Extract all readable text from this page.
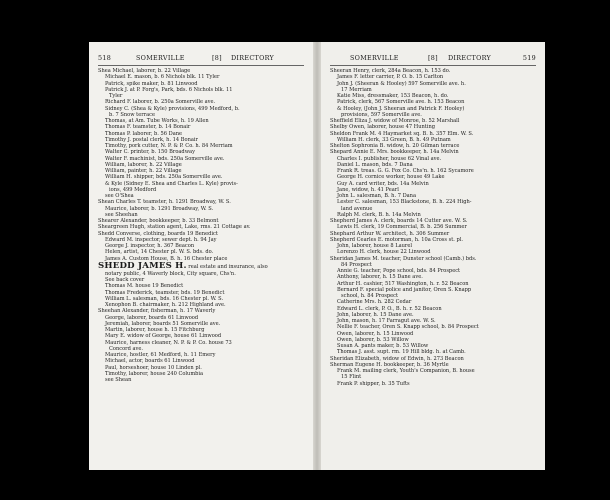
518	SOMERVILLE	[8] DIRECTORY
Shea Michael, laborer, b. 22 Village
Michael E. mason, b. 6 Nichols blk. 11 Tyler
Patrick, spike maker, b. 81 Linwood
Patrick J. at P. Forg's, Park, bds. 6 Nichols blk. 11
Tyler
Richard F. laborer, b. 250a Somerville ave.
Sidney C. (Shea & Kyle) provisions, 499 Medford, b.
b. 7 Snow terrace
Thomas, at Am. Tube Works, h. 19 Allen
Thomas F. teamster, b. 14 Bonair
Thomas P. laborer, b. 56 Dane
Timothy J. postal clerk, h. 14 Bonair
Timothy, pork cutter, N. P. & P. Co. h. 84 Merriam
Walter C. printer, b. 150 Broadway
Walter F. machinist, bds. 250a Somerville ave.
William, laborer, h. 22 Village
William, painter, h. 22 Village
William H. shipper, bds. 250a Somerville ave.
& Kyle (Sidney E. Shea and Charles L. Kyle) provis-
ions, 499 Medford
see O'Shea
Shean Charles T. teamster, h. 1291 Broadway, W. S.
Maurice, laborer, b. 1291 Broadway, W. S.
see Sheehan
Shearer Alexander, bookkeeper, b. 33 Belmont
Sheargreen Hugh, station agent, Lake, rms. 21 Cottage av.
Shedd Converse, clothing, boards 19 Benedict
Edward M. inspector, sewer dept. h. 94 Jay
George J. inspector, h. 367 Beacon
Helen, artist, 14 Chester pl. W. S. bds. do.
James A. Custom House, B. h. 16 Chester place
SHEDD JAMES H. real estate and insurance, also
notary public, 4 Waverly block, City square, Chs'n.
See back cover
Thomas M. house 19 Benedict
Thomas Frederick, teamster, bds. 19 Benedict
William L. salesman, bds. 16 Chester pl. W. S.
Xenophon B. chairmaker, h. 212 Highland ave.
Sheehan Alexander, fisherman, h. 17 Waverly
George, laborer, boards 61 Linwood
Jeremiah, laborer, boards 51 Somerville ave.
Martin, laborer, house h. 15 Fitchburg
Mary E. widow of George, house 61 Linwood
Maurice, harness cleaner, N. P. & P. Co. house 73
Concord ave.
Maurice, hostler, 61 Medford, h. 11 Emery
Michael, actor, boards 61 Linwood
Paul, horseshoer, house 10 Linden pl.
Timothy, laborer, house 240 Columbia
see Shean
SOMERVILLE	[8] DIRECTORY	519
Sheeran Henry, clerk, 284a Beacon, h. 153 do.
James F. letter carrier, P. O. b. 15 Carlton
John J. (Sheeran & Hooley) 597 Somerville ave. h.
17 Merriam
Katie Miss, dressmaker, 153 Beacon, h. do.
Patrick, clerk, 567 Somerville ave. h. 153 Beacon
& Hooley, (John J. Sheeran and Patrick F. Hooley)
provisions, 597 Somerville ave.
Sheffield Eliza J. widow of Monroe, b. 52 Marshall
Shelby Owen, laborer, house 47 Hunting
Sheldon Frank M. 4 Haymarket sq. B. h. 357 Elm. W. S.
William H. clerk, 33 Green, B. h. 49 Putnam
Shelton Sophronia B. widow, h. 20 Gilman terrace
Shepard Annie E. Mrs. bookkeeper, h. 14a Melvin
Charles I. publisher, house 62 Vinal ave.
Daniel L. mason, bds. 7 Dana
Frank R. treas. G. G. Fox Co. Chs'n. h. 162 Sycamore
George H. cornice worker, house 49 Lake
Guy A. card writer, bds. 14a Melvin
Jane, widow, h. 41 Pearl
John L. salesman, B. h. 7 Dana
Lester C. salesman, 153 Blackstone, B. h. 224 High-
land avenue
Ralph M. clerk, B. h. 14a Melvin
Shepherd James A. clerk, boards 14 Cutter ave. W. S.
Lewis H. clerk, 19 Commercial, B. b. 256 Summer
Shephard Arthur W. architect, h. 306 Summer
Shepherd Cearles E. motorman, h. 10a Cross st. pl.
John, laborer, house 8 Laurel
Lorenzo H. clerk, house 22 Linwood
Sheridan James M. teacher, Dunster school (Camb.) bds.
84 Prospect
Annie G. teacher, Pope school, bds. 84 Prospect
Anthony, laborer, h. 15 Dane ave.
Arthur H. cashier, 517 Washington, h. r. 52 Beacon
Bernard F. special police and janitor, Oren S. Knapp
school, h. 84 Prospect
Catherine Mrs. h. 282 Cedar
Edward L. clerk, P. O., B. h. r. 52 Beacon
John, laborer, h. 15 Dane ave.
John, mason, h. 17 Farragut ave. W. S.
Nellie F. teacher, Oren S. Knapp school, b. 84 Prospect
Owen, laborer, h. 15 Linwood
Owen, laborer, b. 53 Willow
Susan A. pants maker, b. 53 Willow
Thomas J. asst. supt. rm. 19 Hill bldg. h. at Camb.
Sheridan Elizabeth, widow of Edwin, h. 273 Beacon
Sherman Eugene H. bookkeeper, b. 36 Myrtle
Frank M. mailing clerk, Youth's Companion, B. house
15 Flint
Frank P. shipper, b. 35 Tufts
